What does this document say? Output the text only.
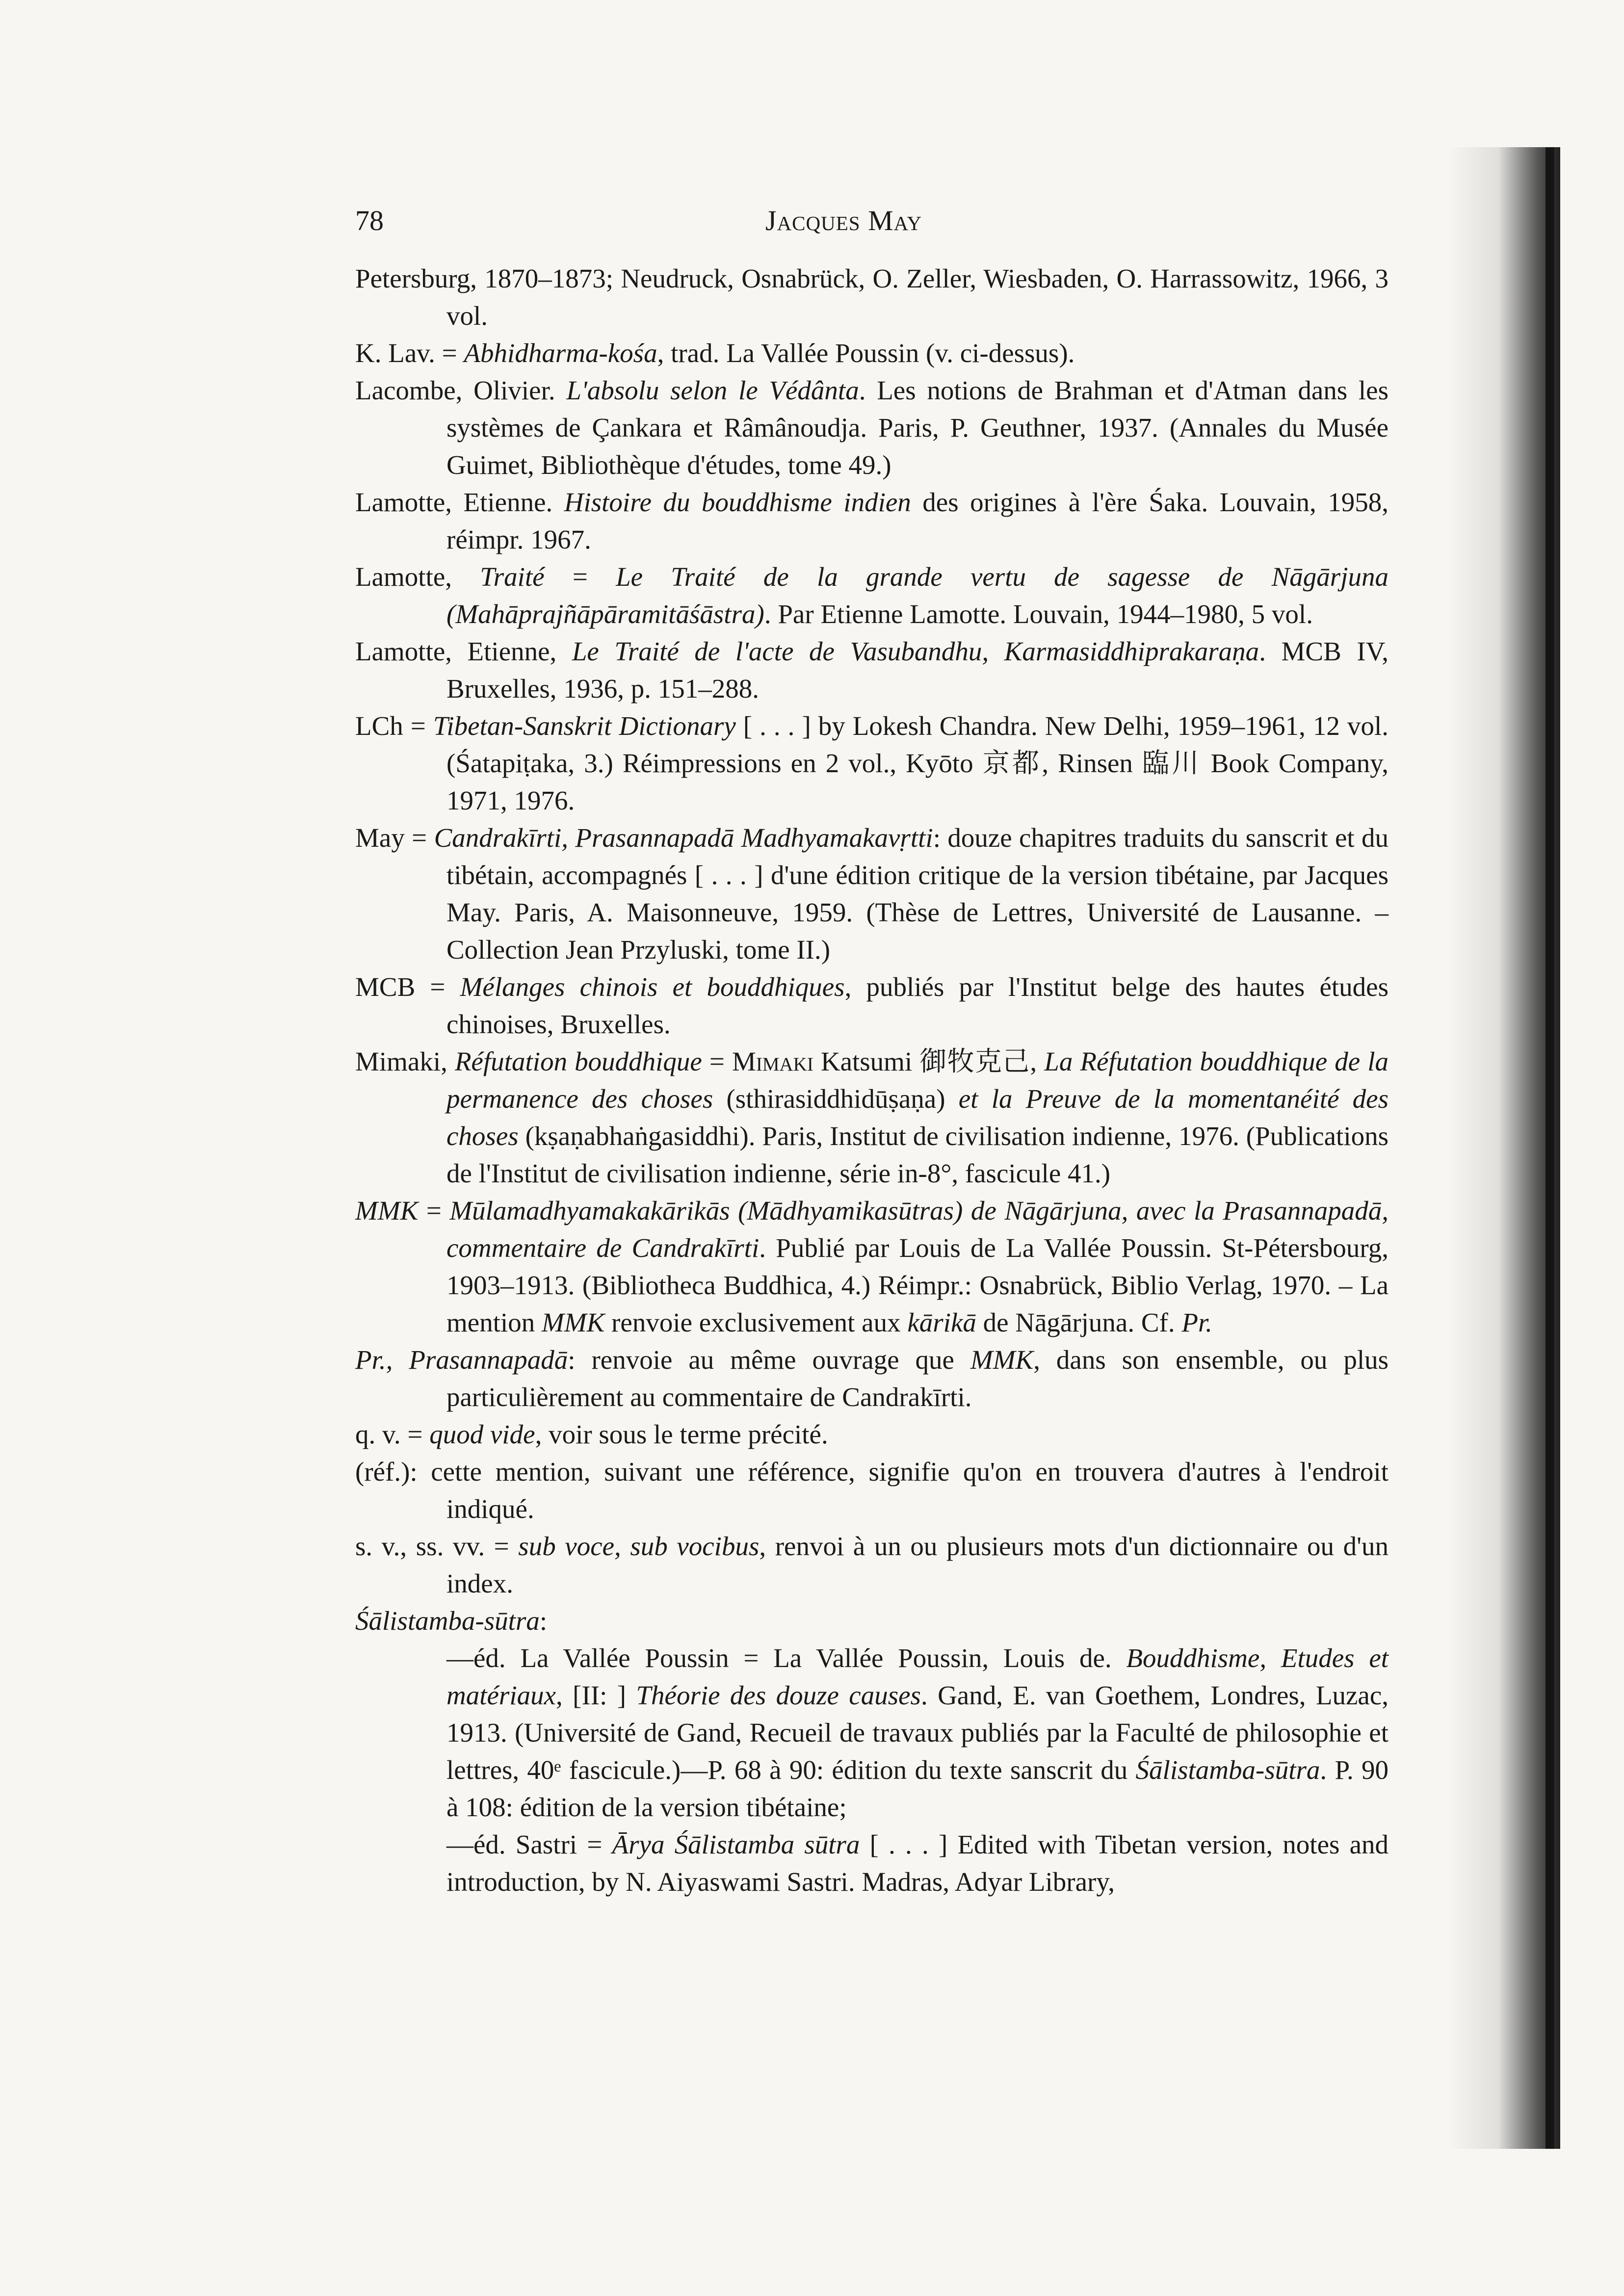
78	Jacques May

Petersburg, 1870–1873; Neudruck, Osnabrück, O. Zeller, Wiesbaden, O. Harrassowitz, 1966, 3 vol.

K. Lav. = Abhidharma-kośa, trad. La Vallée Poussin (v. ci-dessus).

Lacombe, Olivier. L'absolu selon le Védânta. Les notions de Brahman et d'Atman dans les systèmes de Çankara et Râmânoudja. Paris, P. Geuthner, 1937. (Annales du Musée Guimet, Bibliothèque d'études, tome 49.)

Lamotte, Etienne. Histoire du bouddhisme indien des origines à l'ère Śaka. Louvain, 1958, réimpr. 1967.

Lamotte, Traité = Le Traité de la grande vertu de sagesse de Nāgārjuna (Mahāprajñāpāramitāśāstra). Par Etienne Lamotte. Louvain, 1944–1980, 5 vol.

Lamotte, Etienne, Le Traité de l'acte de Vasubandhu, Karmasiddhiprakaraṇa. MCB IV, Bruxelles, 1936, p. 151–288.

LCh = Tibetan-Sanskrit Dictionary [ . . . ] by Lokesh Chandra. New Delhi, 1959–1961, 12 vol. (Śatapiṭaka, 3.) Réimpressions en 2 vol., Kyōto 京都, Rinsen 臨川 Book Company, 1971, 1976.

May = Candrakīrti, Prasannapadā Madhyamakavṛtti: douze chapitres traduits du sanscrit et du tibétain, accompagnés [ . . . ] d'une édition critique de la version tibétaine, par Jacques May. Paris, A. Maisonneuve, 1959. (Thèse de Lettres, Université de Lausanne. – Collection Jean Przyluski, tome II.)

MCB = Mélanges chinois et bouddhiques, publiés par l'Institut belge des hautes études chinoises, Bruxelles.

Mimaki, Réfutation bouddhique = Mimaki Katsumi 御牧克己, La Réfutation bouddhique de la permanence des choses (sthirasiddhidūṣaṇa) et la Preuve de la momentanéité des choses (kṣaṇabhaṅgasiddhi). Paris, Institut de civilisation indienne, 1976. (Publications de l'Institut de civilisation indienne, série in-8°, fascicule 41.)

MMK = Mūlamadhyamakakārikās (Mādhyamikasūtras) de Nāgārjuna, avec la Prasannapadā, commentaire de Candrakīrti. Publié par Louis de La Vallée Poussin. St-Pétersbourg, 1903–1913. (Bibliotheca Buddhica, 4.) Réimpr.: Osnabrück, Biblio Verlag, 1970. – La mention MMK renvoie exclusivement aux kārikā de Nāgārjuna. Cf. Pr.

Pr., Prasannapadā: renvoie au même ouvrage que MMK, dans son ensemble, ou plus particulièrement au commentaire de Candrakīrti.

q. v. = quod vide, voir sous le terme précité.

(réf.): cette mention, suivant une référence, signifie qu'on en trouvera d'autres à l'endroit indiqué.

s. v., ss. vv. = sub voce, sub vocibus, renvoi à un ou plusieurs mots d'un dictionnaire ou d'un index.

Śālistamba-sūtra:

—éd. La Vallée Poussin = La Vallée Poussin, Louis de. Bouddhisme, Etudes et matériaux, [II: ] Théorie des douze causes. Gand, E. van Goethem, Londres, Luzac, 1913. (Université de Gand, Recueil de travaux publiés par la Faculté de philosophie et lettres, 40ᵉ fascicule.)—P. 68 à 90: édition du texte sanscrit du Śālistamba-sūtra. P. 90 à 108: édition de la version tibétaine;

—éd. Sastri = Ārya Śālistamba sūtra [ . . . ] Edited with Tibetan version, notes and introduction, by N. Aiyaswami Sastri. Madras, Adyar Library,
